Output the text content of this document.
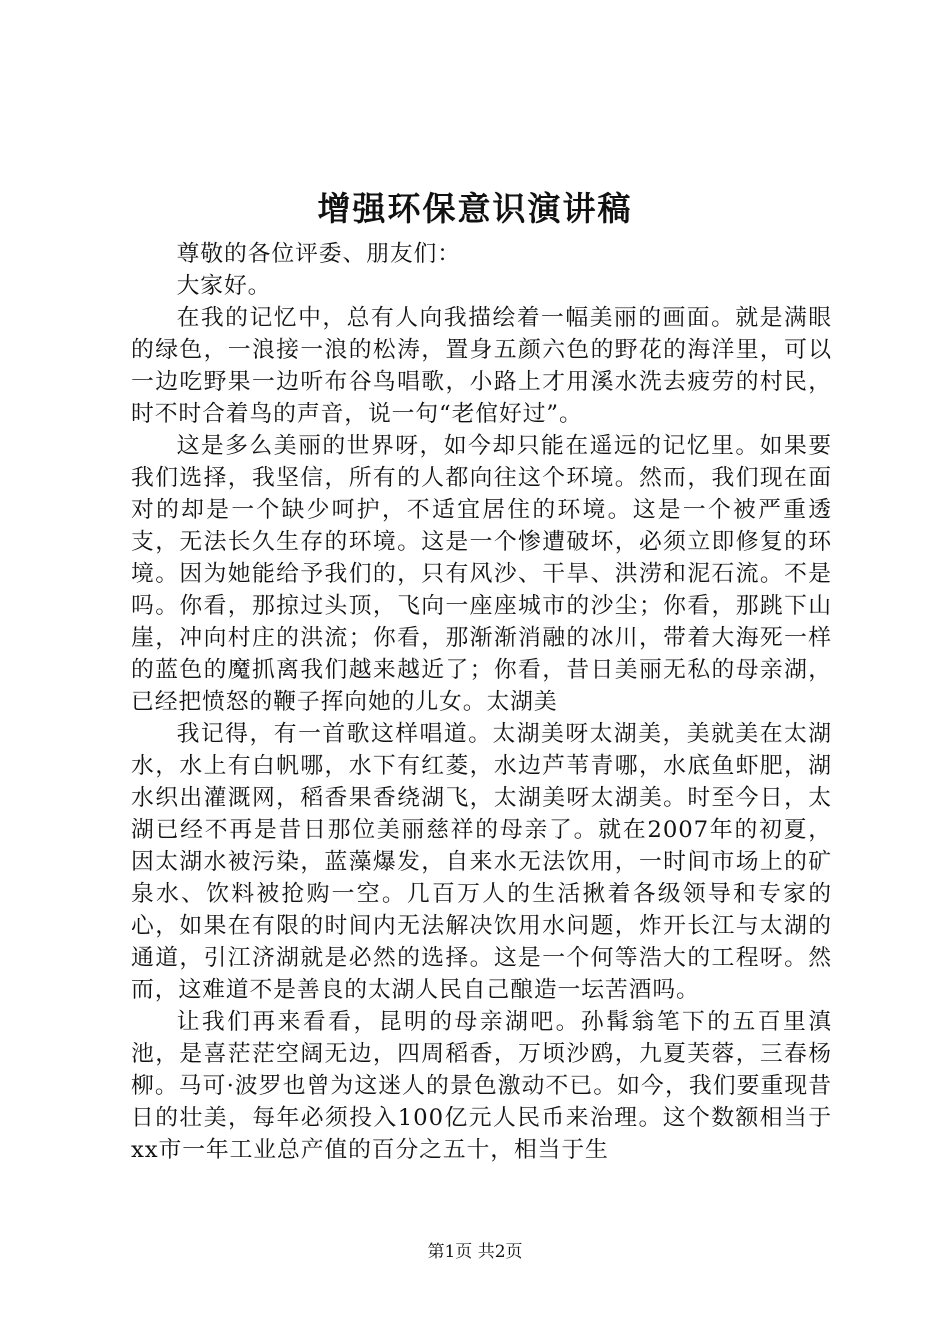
增强环保意识演讲稿

尊敬的各位评委、朋友们：

大家好。

在我的记忆中，总有人向我描绘着一幅美丽的画面。就是满眼的绿色，一浪接一浪的松涛，置身五颜六色的野花的海洋里，可以一边吃野果一边听布谷鸟唱歌，小路上才用溪水洗去疲劳的村民，时不时合着鸟的声音，说一句“老倌好过”。

这是多么美丽的世界呀，如今却只能在遥远的记忆里。如果要我们选择，我坚信，所有的人都向往这个环境。然而，我们现在面对的却是一个缺少呵护，不适宜居住的环境。这是一个被严重透支，无法长久生存的环境。这是一个惨遭破坏，必须立即修复的环境。因为她能给予我们的，只有风沙、干旱、洪涝和泥石流。不是吗。你看，那掠过头顶，飞向一座座城市的沙尘；你看，那跳下山崖，冲向村庄的洪流；你看，那渐渐消融的冰川，带着大海死一样的蓝色的魔抓离我们越来越近了；你看，昔日美丽无私的母亲湖，已经把愤怒的鞭子挥向她的儿女。太湖美

我记得，有一首歌这样唱道。太湖美呀太湖美，美就美在太湖水，水上有白帆哪，水下有红菱，水边芦苇青哪，水底鱼虾肥，湖水织出灌溉网，稻香果香绕湖飞，太湖美呀太湖美。时至今日，太湖已经不再是昔日那位美丽慈祥的母亲了。就在2007年的初夏，因太湖水被污染，蓝藻爆发，自来水无法饮用，一时间市场上的矿泉水、饮料被抢购一空。几百万人的生活揪着各级领导和专家的心，如果在有限的时间内无法解决饮用水问题，炸开长江与太湖的通道，引江济湖就是必然的选择。这是一个何等浩大的工程呀。然而，这难道不是善良的太湖人民自己酿造一坛苦酒吗。

让我们再来看看，昆明的母亲湖吧。孙髯翁笔下的五百里滇池，是喜茫茫空阔无边，四周稻香，万顷沙鸥，九夏芙蓉，三春杨柳。马可·波罗也曾为这迷人的景色激动不已。如今，我们要重现昔日的壮美，每年必须投入100亿元人民币来治理。这个数额相当于xx市一年工业总产值的百分之五十，相当于生

第1页 共2页
